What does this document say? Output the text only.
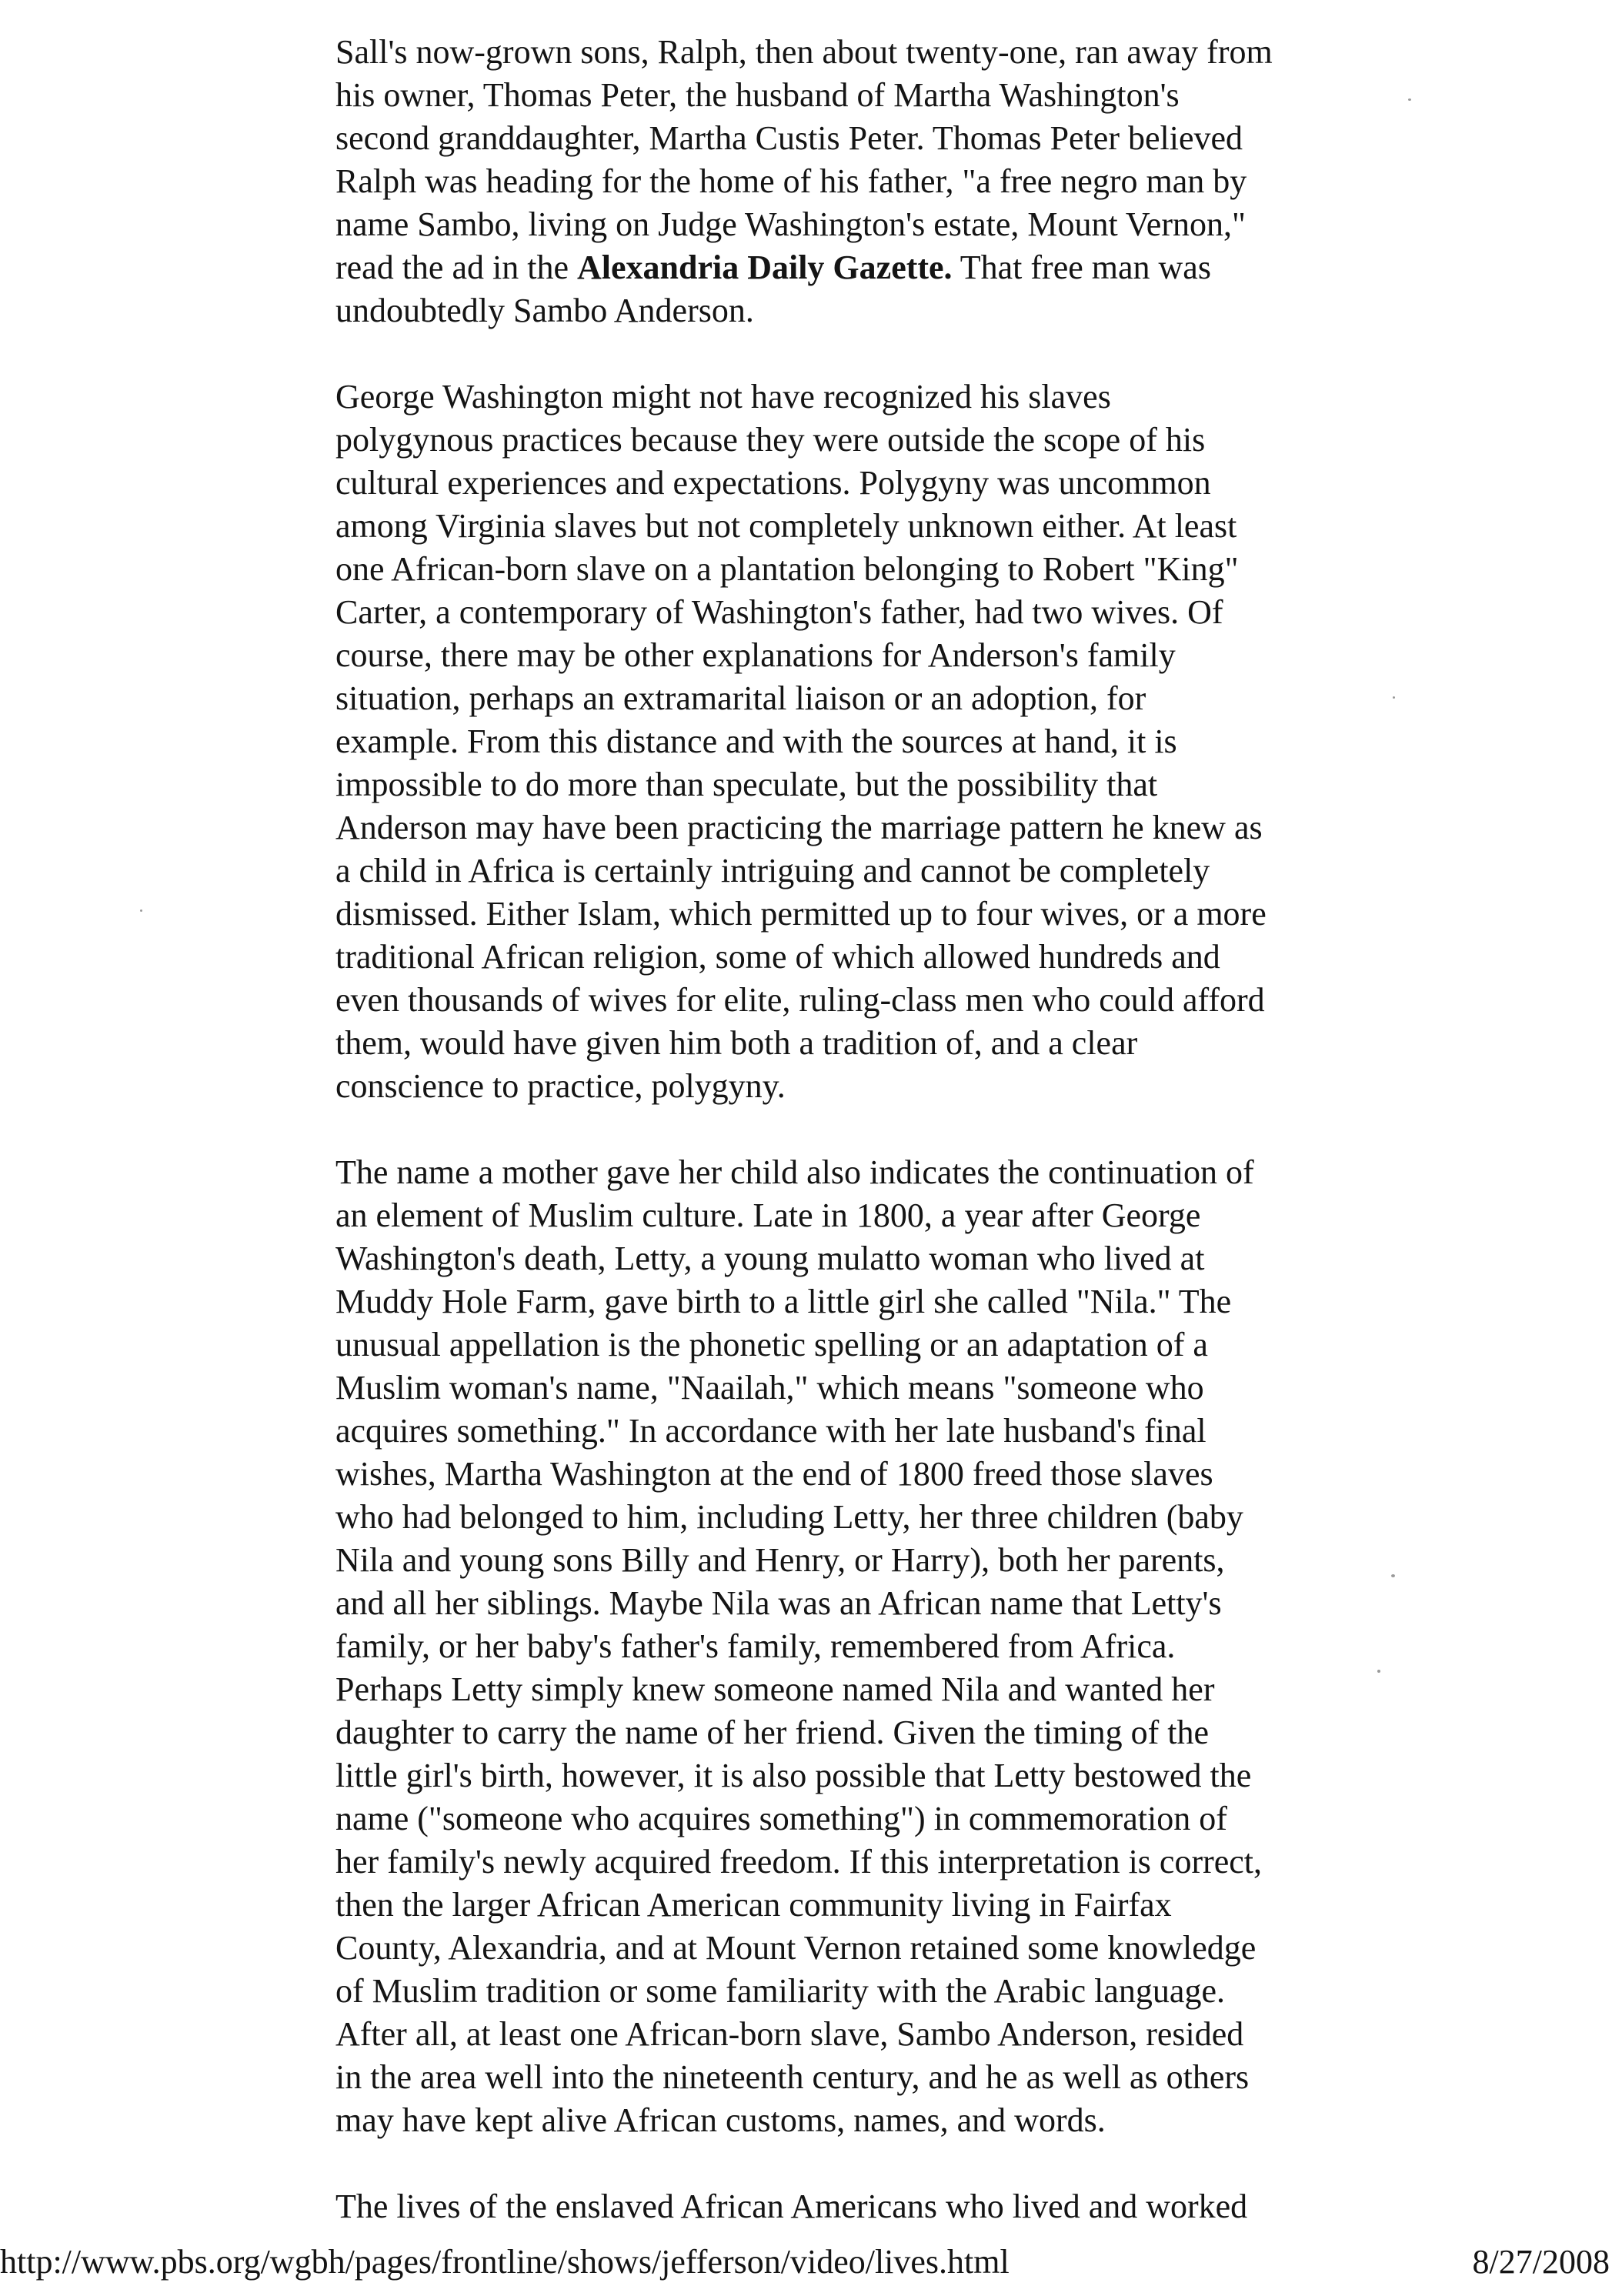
Sall's now-grown sons, Ralph, then about twenty-one, ran away from
his owner, Thomas Peter, the husband of Martha Washington's
second granddaughter, Martha Custis Peter. Thomas Peter believed
Ralph was heading for the home of his father, "a free negro man by
name Sambo, living on Judge Washington's estate, Mount Vernon,"
read the ad in the Alexandria Daily Gazette. That free man was
undoubtedly Sambo Anderson.
George Washington might not have recognized his slaves
polygynous practices because they were outside the scope of his
cultural experiences and expectations. Polygyny was uncommon
among Virginia slaves but not completely unknown either. At least
one African-born slave on a plantation belonging to Robert "King"
Carter, a contemporary of Washington's father, had two wives. Of
course, there may be other explanations for Anderson's family
situation, perhaps an extramarital liaison or an adoption, for
example. From this distance and with the sources at hand, it is
impossible to do more than speculate, but the possibility that
Anderson may have been practicing the marriage pattern he knew as
a child in Africa is certainly intriguing and cannot be completely
dismissed. Either Islam, which permitted up to four wives, or a more
traditional African religion, some of which allowed hundreds and
even thousands of wives for elite, ruling-class men who could afford
them, would have given him both a tradition of, and a clear
conscience to practice, polygyny.
The name a mother gave her child also indicates the continuation of
an element of Muslim culture. Late in 1800, a year after George
Washington's death, Letty, a young mulatto woman who lived at
Muddy Hole Farm, gave birth to a little girl she called "Nila." The
unusual appellation is the phonetic spelling or an adaptation of a
Muslim woman's name, "Naailah," which means "someone who
acquires something." In accordance with her late husband's final
wishes, Martha Washington at the end of 1800 freed those slaves
who had belonged to him, including Letty, her three children (baby
Nila and young sons Billy and Henry, or Harry), both her parents,
and all her siblings. Maybe Nila was an African name that Letty's
family, or her baby's father's family, remembered from Africa.
Perhaps Letty simply knew someone named Nila and wanted her
daughter to carry the name of her friend. Given the timing of the
little girl's birth, however, it is also possible that Letty bestowed the
name ("someone who acquires something") in commemoration of
her family's newly acquired freedom. If this interpretation is correct,
then the larger African American community living in Fairfax
County, Alexandria, and at Mount Vernon retained some knowledge
of Muslim tradition or some familiarity with the Arabic language.
After all, at least one African-born slave, Sambo Anderson, resided
in the area well into the nineteenth century, and he as well as others
may have kept alive African customs, names, and words.
The lives of the enslaved African Americans who lived and worked
http://www.pbs.org/wgbh/pages/frontline/shows/jefferson/video/lives.html	8/27/2008
